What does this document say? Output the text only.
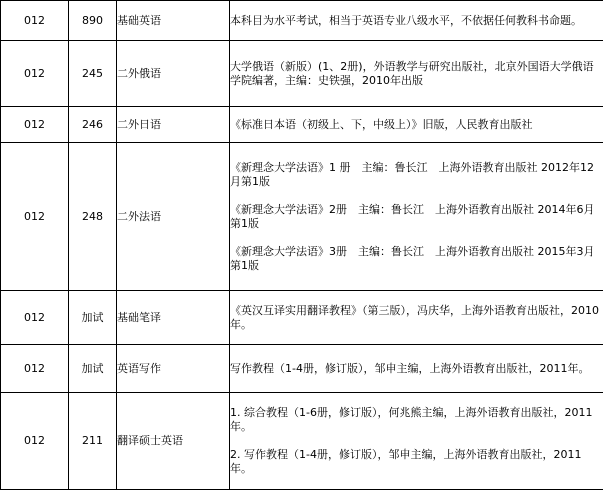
012	890	基础英语	本科目为水平考试，相当于英语专业八级水平，不依据任何教科书命题。

012	245	二外俄语	大学俄语（新版）(1、2册)，外语教学与研究出版社，北京外国语大学俄语学院编著，主编：史铁强，2010年出版

012	246	二外日语	《标准日本语（初级上、下，中级上）》旧版，人民教育出版社

012	248	二外法语	《新理念大学法语》1 册　主编：鲁长江　上海外语教育出版社 2012年12月第1版
《新理念大学法语》2册　主编：鲁长江　上海外语教育出版社 2014年6月第1版
《新理念大学法语》3册　主编：鲁长江　上海外语教育出版社 2015年3月第1版

012	加试	基础笔译	《英汉互译实用翻译教程》（第三版），冯庆华，上海外语教育出版社，2010年。

012	加试	英语写作	写作教程（1-4册，修订版），邹申主编，上海外语教育出版社，2011年。

012	211	翻译硕士英语	1. 综合教程（1-6册，修订版），何兆熊主编，上海外语教育出版社，2011年。
2. 写作教程（1-4册，修订版），邹申主编，上海外语教育出版社，2011年。
